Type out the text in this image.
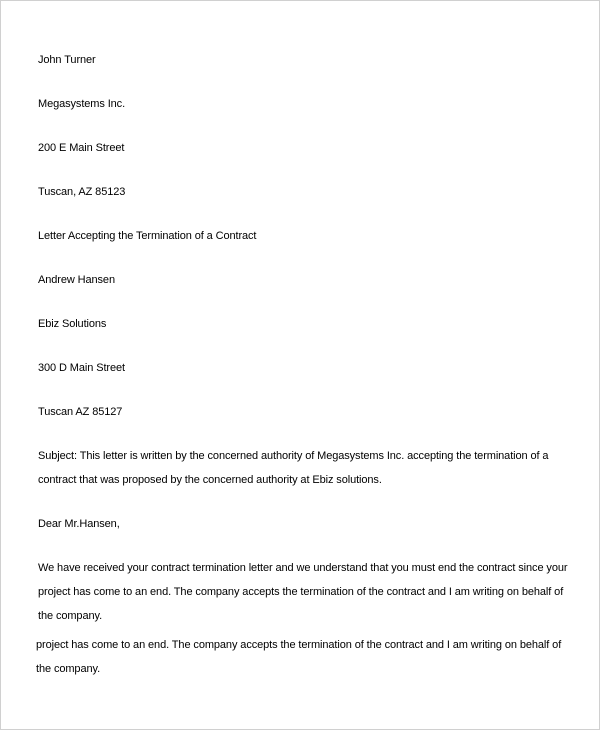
John Turner
Megasystems Inc.
200 E Main Street
Tuscan, AZ 85123
Letter Accepting the Termination of a Contract
Andrew Hansen
Ebiz Solutions
300 D Main Street
Tuscan AZ 85127
Subject: This letter is written by the concerned authority of Megasystems Inc. accepting the termination of a
contract that was proposed by the concerned authority at Ebiz solutions.
Dear Mr.Hansen,
We have received your contract termination letter and we understand that you must end the contract since your
project has come to an end. The company accepts the termination of the contract and I am writing on behalf of
the company.
project has come to an end. The company accepts the termination of the contract and I am writing on behalf of
the company.
